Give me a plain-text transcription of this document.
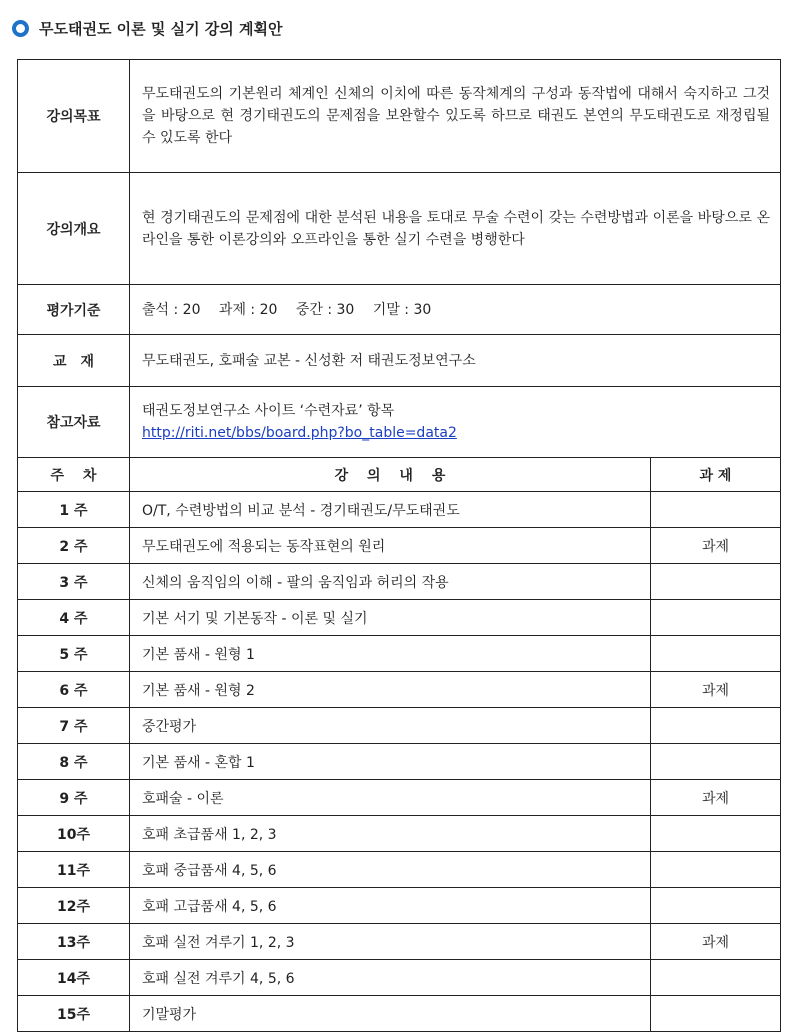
무도태권도 이론 및 실기 강의 계획안
강의목표	무도태권도의 기본원리 체계인 신체의 이치에 따른 동작체계의 구성과 동작법에 대해서 숙지하고 그것을 바탕으로 현 경기태권도의 문제점을 보완할수 있도록 하므로 태권도 본연의 무도태권도로 재정립될 수 있도록 한다	
강의개요	현 경기태권도의 문제점에 대한 분석된 내용을 토대로 무술 수련이 갖는 수련방법과 이론을 바탕으로 온라인을 통한 이론강의와 오프라인을 통한 실기 수련을 병행한다	
평가기준	출석 : 20　 과제 : 20　 중간 : 30　 기말 : 30	
교　재	무도태권도, 호패술 교본 - 신성환 저 태권도정보연구소	
참고자료	태권도정보연구소 사이트 ‘수련자료’ 항목
http://riti.net/bbs/board.php?bo_table=data2	
주　 차	강　 의　 내　 용	과 제
1 주	O/T, 수련방법의 비교 분석 - 경기태권도/무도태권도	
2 주	무도태권도에 적용되는 동작표현의 원리	과제
3 주	신체의 움직임의 이해 - 팔의 움직임과 허리의 작용	
4 주	기본 서기 및 기본동작 - 이론 및 실기	
5 주	기본 품새 - 원형 1	
6 주	기본 품새 - 원형 2	과제
7 주	중간평가	
8 주	기본 품새 - 혼합 1	
9 주	호패술 - 이론	과제
10주	호패 초급품새 1, 2, 3	
11주	호패 중급품새 4, 5, 6	
12주	호패 고급품새 4, 5, 6	
13주	호패 실전 겨루기 1, 2, 3	과제
14주	호패 실전 겨루기 4, 5, 6	
15주	기말평가	
